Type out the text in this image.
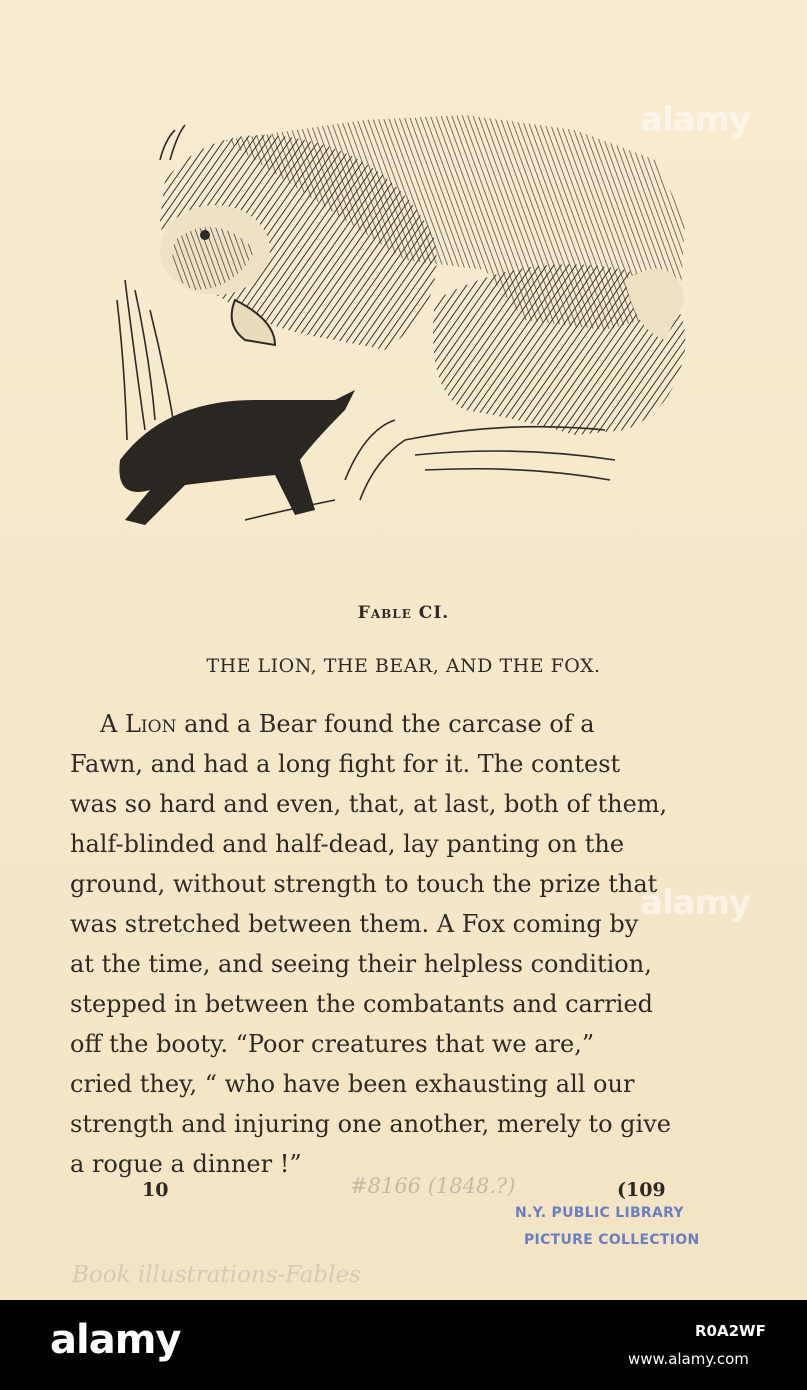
alamy
alamy
Fable CI.
THE LION, THE BEAR, AND THE FOX.
A Lion and a Bear found the carcase of a
Fawn, and had a long fight for it. The contest
was so hard and even, that, at last, both of them,
half-blinded and half-dead, lay panting on the
ground, without strength to touch the prize that
was stretched between them. A Fox coming by
at the time, and seeing their helpless condition,
stepped in between the combatants and carried
off the booty. “Poor creatures that we are,”
cried they, “ who have been exhausting all our
strength and injuring one another, merely to give
a rogue a dinner !”
10	#8166 (1848.?)	(109
N.Y. PUBLIC LIBRARY
PICTURE COLLECTION
Book illustrations-Fables
alamy	R0A2WF
www.alamy.com
